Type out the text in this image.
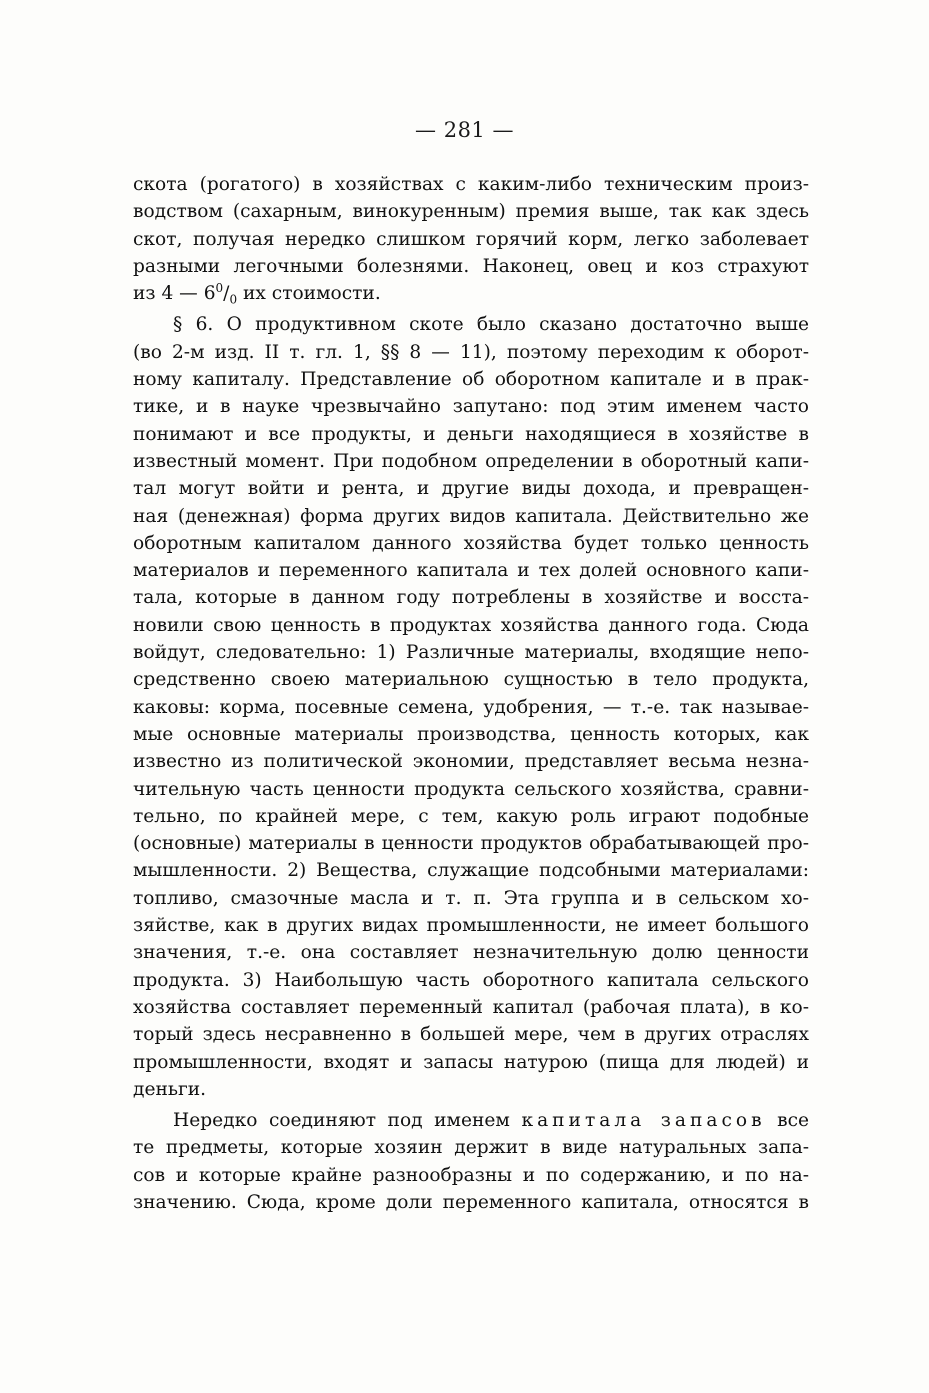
— 281 —
скота (рогатого) в хозяйствах с каким-либо техническим произ-
водством (сахарным, винокуренным) премия выше, так как здесь
скот, получая нередко слишком горячий корм, легко заболевает
разными легочными болезнями. Наконец, овец и коз страхуют
из 4 — $6^0/_0$ их стоимости.
§ 6. О продуктивном скоте было сказано достаточно выше
(во 2-м изд. II т. гл. 1, §§ 8 — 11), поэтому переходим к оборот-
ному капиталу. Представление об оборотном капитале и в прак-
тике, и в науке чрезвычайно запутано: под этим именем часто
понимают и все продукты, и деньги находящиеся в хозяйстве в
известный момент. При подобном определении в оборотный капи-
тал могут войти и рента, и другие виды дохода, и превращен-
ная (денежная) форма других видов капитала. Действительно же
оборотным капиталом данного хозяйства будет только ценность
материалов и переменного капитала и тех долей основного капи-
тала, которые в данном году потреблены в хозяйстве и восста-
новили свою ценность в продуктах хозяйства данного года. Сюда
войдут, следовательно: 1) Различные материалы, входящие непо-
средственно своею материальною сущностью в тело продукта,
каковы: корма, посевные семена, удобрения, — т.-е. так называе-
мые основные материалы производства, ценность которых, как
известно из политической экономии, представляет весьма незна-
чительную часть ценности продукта сельского хозяйства, сравни-
тельно, по крайней мере, с тем, какую роль играют подобные
(основные) материалы в ценности продуктов обрабатывающей про-
мышленности. 2) Вещества, служащие подсобными материалами:
топливо, смазочные масла и т. п. Эта группа и в сельском хо-
зяйстве, как в других видах промышленности, не имеет большого
значения, т.-е. она составляет незначительную долю ценности
продукта. 3) Наибольшую часть оборотного капитала сельского
хозяйства составляет переменный капитал (рабочая плата), в ко-
торый здесь несравненно в большей мере, чем в других отраслях
промышленности, входят и запасы натурою (пища для людей) и
деньги.
Нередко соединяют под именем капитала запасов все
те предметы, которые хозяин держит в виде натуральных запа-
сов и которые крайне разнообразны и по содержанию, и по на-
значению. Сюда, кроме доли переменного капитала, относятся в
